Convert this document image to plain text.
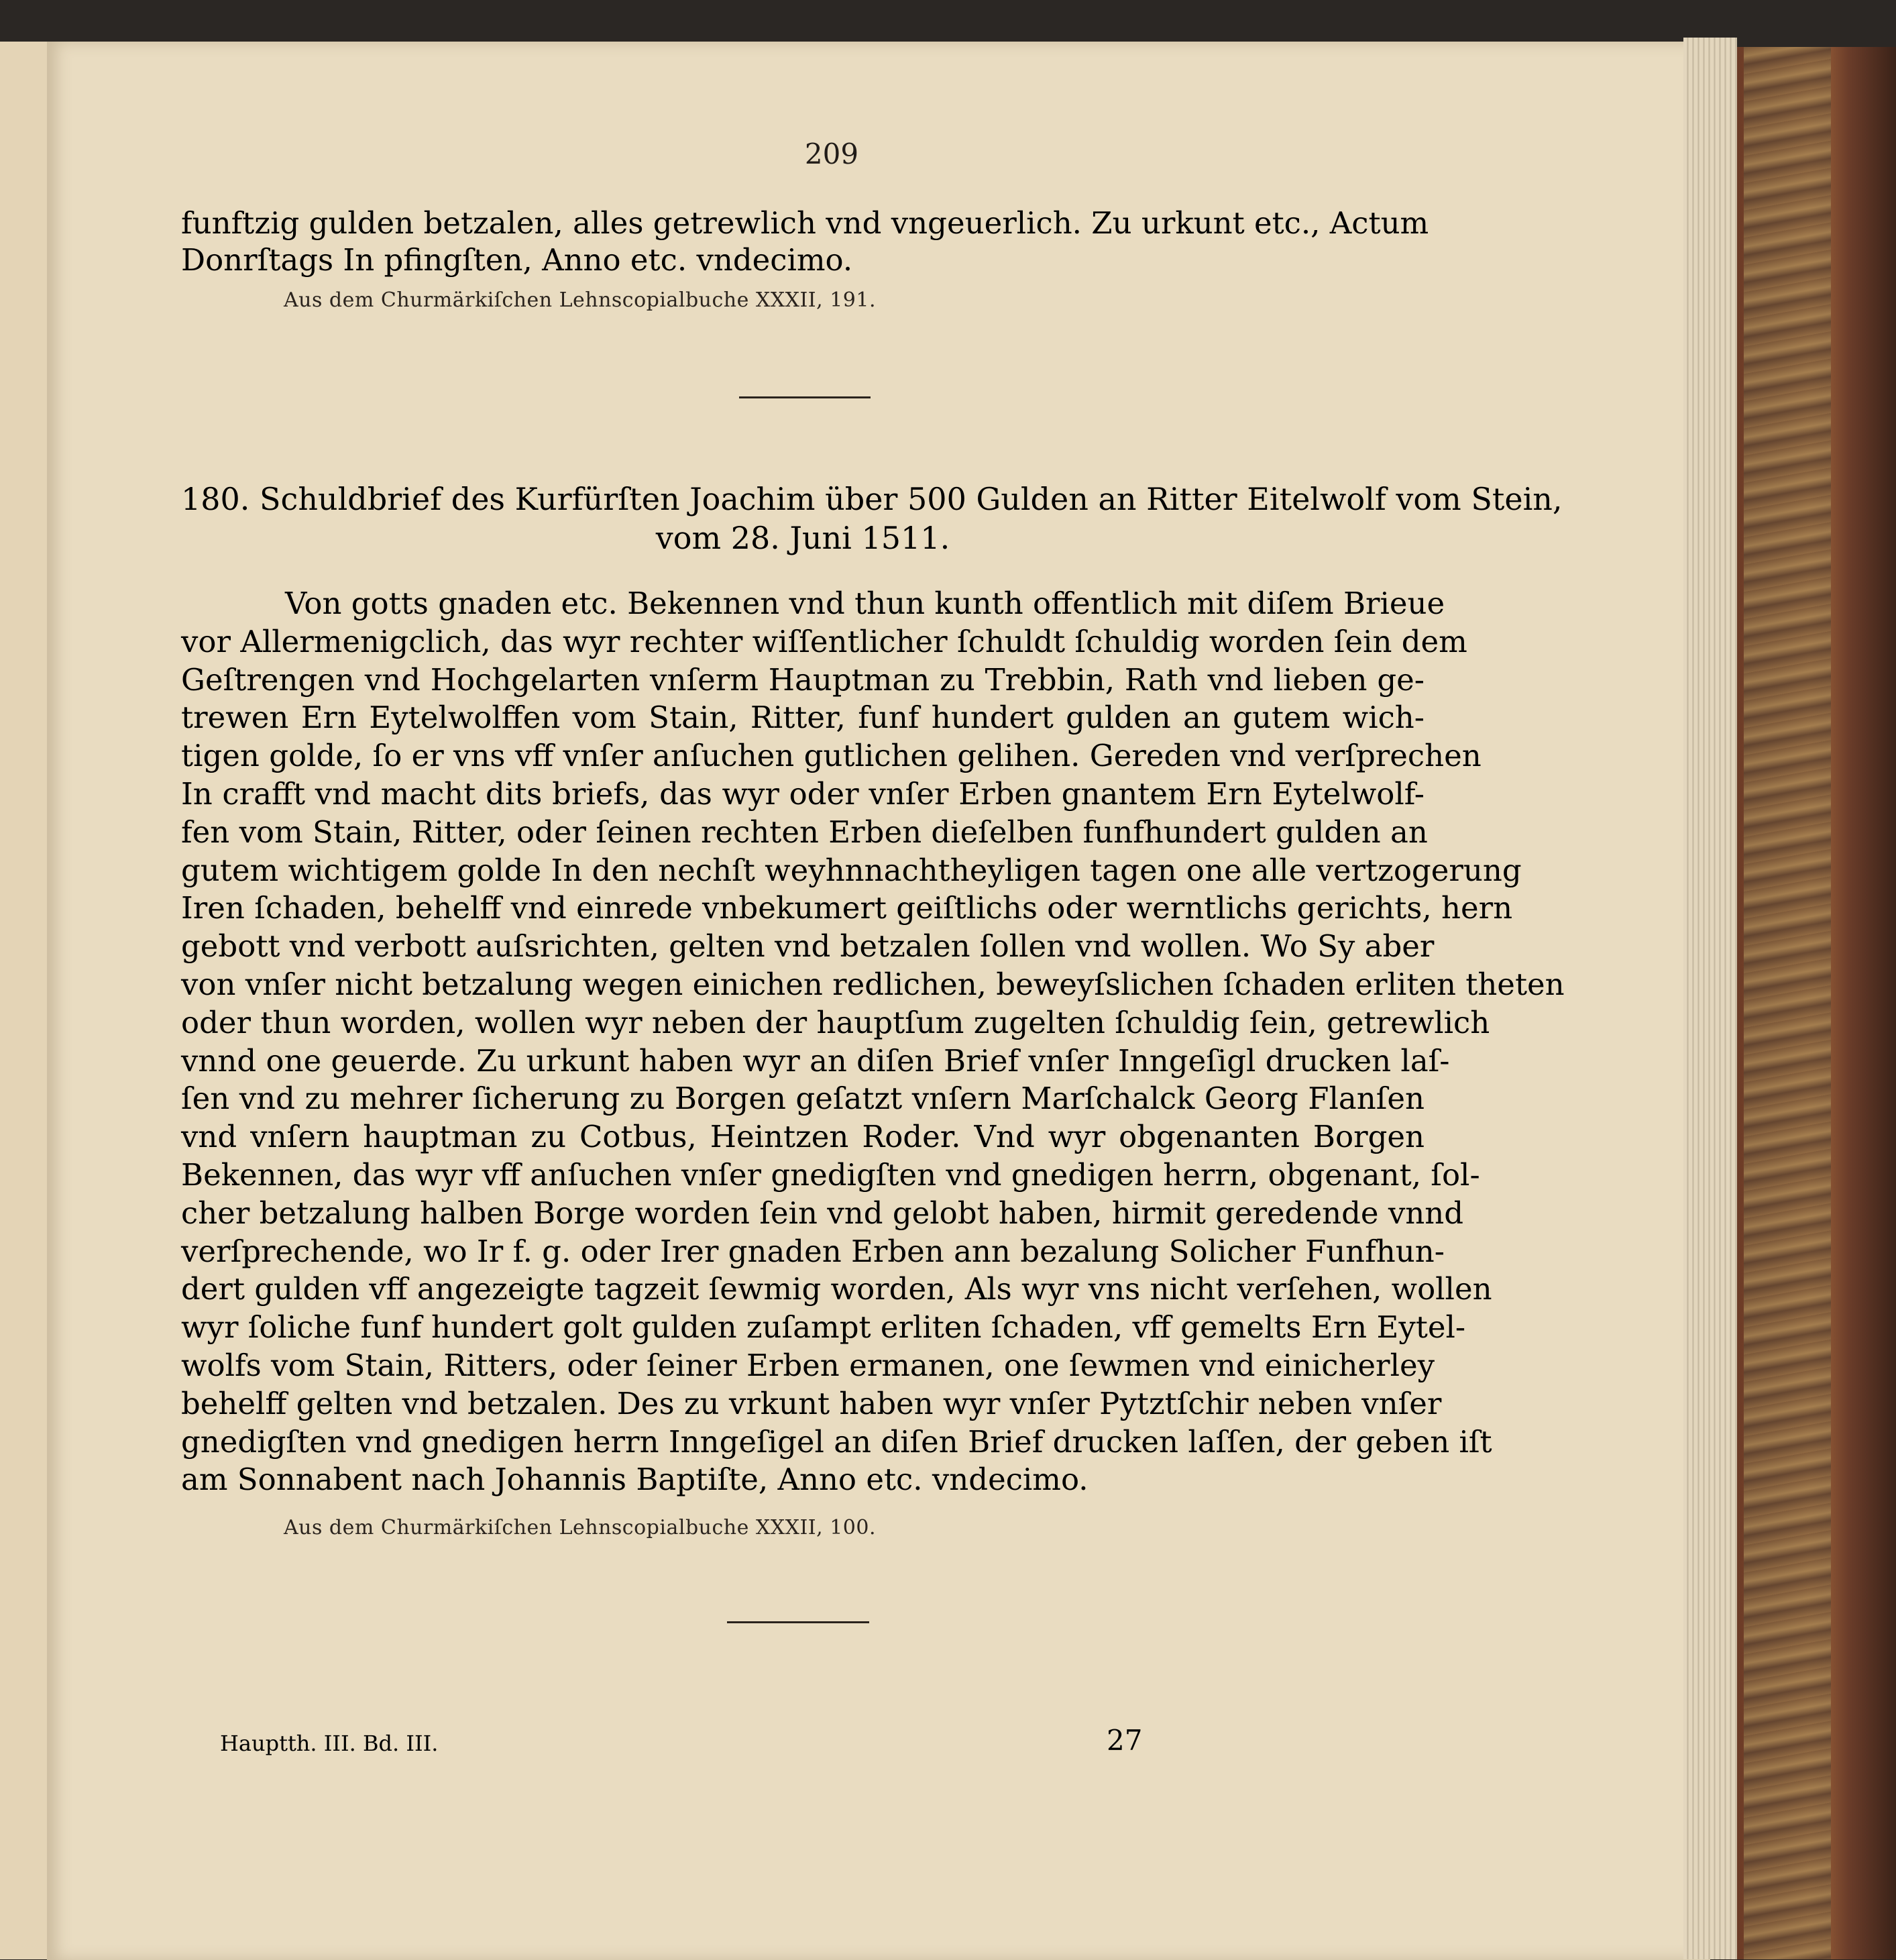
209
funftzig gulden betzalen, alles getrewlich vnd vngeuerlich. Zu urkunt etc., Actum
Donrſtags In pfingſten, Anno etc. vndecimo.
Aus dem Churmärkiſchen Lehnscopialbuche XXXII, 191.
180. Schuldbrief des Kurfürſten Joachim über 500 Gulden an Ritter Eitelwolf vom Stein,
vom 28. Juni 1511.
Von gotts gnaden etc. Bekennen vnd thun kunth offentlich mit diſem Brieue
vor Allermenigclich, das wyr rechter wiſſentlicher ſchuldt ſchuldig worden ſein dem
Geſtrengen vnd Hochgelarten vnſerm Hauptman zu Trebbin, Rath vnd lieben ge-
trewen Ern Eytelwolffen vom Stain, Ritter, funf hundert gulden an gutem wich-
tigen golde, ſo er vns vff vnſer anſuchen gutlichen gelihen. Gereden vnd verſprechen
In crafft vnd macht dits briefs, das wyr oder vnſer Erben gnantem Ern Eytelwolf-
fen vom Stain, Ritter, oder ſeinen rechten Erben dieſelben funfhundert gulden an
gutem wichtigem golde In den nechſt weyhnnachtheyligen tagen one alle vertzogerung
Iren ſchaden, behelff vnd einrede vnbekumert geiſtlichs oder werntlichs gerichts, hern
gebott vnd verbott auſsrichten, gelten vnd betzalen ſollen vnd wollen. Wo Sy aber
von vnſer nicht betzalung wegen einichen redlichen, beweyſslichen ſchaden erliten theten
oder thun worden, wollen wyr neben der hauptſum zugelten ſchuldig ſein, getrewlich
vnnd one geuerde. Zu urkunt haben wyr an diſen Brief vnſer Inngeſigl drucken laſ-
ſen vnd zu mehrer ſicherung zu Borgen geſatzt vnſern Marſchalck Georg Flanſen
vnd vnſern hauptman zu Cotbus, Heintzen Roder. Vnd wyr obgenanten Borgen
Bekennen, das wyr vff anſuchen vnſer gnedigſten vnd gnedigen herrn, obgenant, ſol-
cher betzalung halben Borge worden ſein vnd gelobt haben, hirmit geredende vnnd
verſprechende, wo Ir f. g. oder Irer gnaden Erben ann bezalung Solicher Funfhun-
dert gulden vff angezeigte tagzeit ſewmig worden, Als wyr vns nicht verſehen, wollen
wyr ſoliche funf hundert golt gulden zuſampt erliten ſchaden, vff gemelts Ern Eytel-
wolfs vom Stain, Ritters, oder ſeiner Erben ermanen, one ſewmen vnd einicherley
behelff gelten vnd betzalen. Des zu vrkunt haben wyr vnſer Pytztſchir neben vnſer
gnedigſten vnd gnedigen herrn Inngeſigel an diſen Brief drucken laſſen, der geben iſt
am Sonnabent nach Johannis Baptiſte, Anno etc. vndecimo.
Aus dem Churmärkiſchen Lehnscopialbuche XXXII, 100.
Hauptth. III. Bd. III.	27
